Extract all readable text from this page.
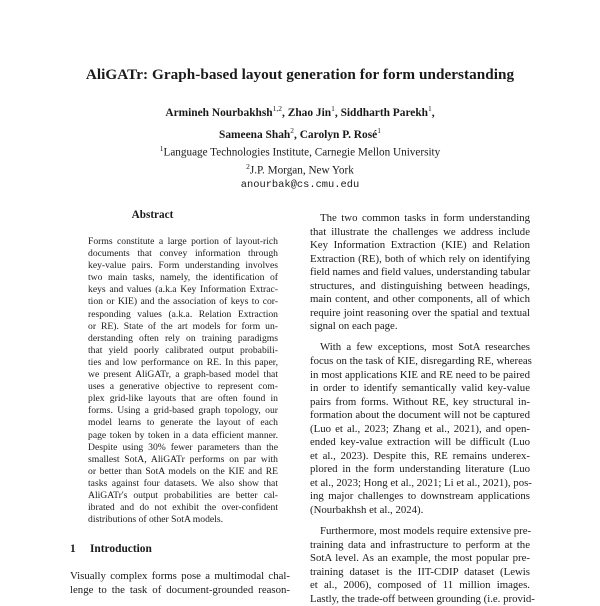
AliGATr: Graph-based layout generation for form understanding
Armineh Nourbakhsh$^{1,2}$, Zhao Jin$^1$, Siddharth Parekh$^1$,
Sameena Shah$^2$, Carolyn P. Rosé$^1$
$^1$Language Technologies Institute, Carnegie Mellon University
$^2$J.P. Morgan, New York
anourbak@cs.cmu.edu
Abstract
Forms constitute a large portion of layout-rich
documents that convey information through
key-value pairs. Form understanding involves
two main tasks, namely, the identification of
keys and values (a.k.a Key Information Extrac-
tion or KIE) and the association of keys to cor-
responding values (a.k.a. Relation Extraction
or RE). State of the art models for form un-
derstanding often rely on training paradigms
that yield poorly calibrated output probabili-
ties and low performance on RE. In this paper,
we present AliGATr, a graph-based model that
uses a generative objective to represent com-
plex grid-like layouts that are often found in
forms. Using a grid-based graph topology, our
model learns to generate the layout of each
page token by token in a data efficient manner.
Despite using 30% fewer parameters than the
smallest SotA, AliGATr performs on par with
or better than SotA models on the KIE and RE
tasks against four datasets. We also show that
AliGATr's output probabilities are better cal-
ibrated and do not exhibit the over-confident
distributions of other SotA models.
1 Introduction
Visually complex forms pose a multimodal chal-
lenge to the task of document-grounded reason-
The two common tasks in form understanding
that illustrate the challenges we address include
Key Information Extraction (KIE) and Relation
Extraction (RE), both of which rely on identifying
field names and field values, understanding tabular
structures, and distinguishing between headings,
main content, and other components, all of which
require joint reasoning over the spatial and textual
signal on each page.
With a few exceptions, most SotA researches
focus on the task of KIE, disregarding RE, whereas
in most applications KIE and RE need to be paired
in order to identify semantically valid key-value
pairs from forms. Without RE, key structural in-
formation about the document will not be captured
(Luo et al., 2023; Zhang et al., 2021), and open-
ended key-value extraction will be difficult (Luo
et al., 2023). Despite this, RE remains underex-
plored in the form understanding literature (Luo
et al., 2023; Hong et al., 2021; Li et al., 2021), pos-
ing major challenges to downstream applications
(Nourbakhsh et al., 2024).
Furthermore, most models require extensive pre-
training data and infrastructure to perform at the
SotA level. As an example, the most popular pre-
training dataset is the IIT-CDIP dataset (Lewis
et al., 2006), composed of 11 million images.
Lastly, the trade-off between grounding (i.e. provid-
